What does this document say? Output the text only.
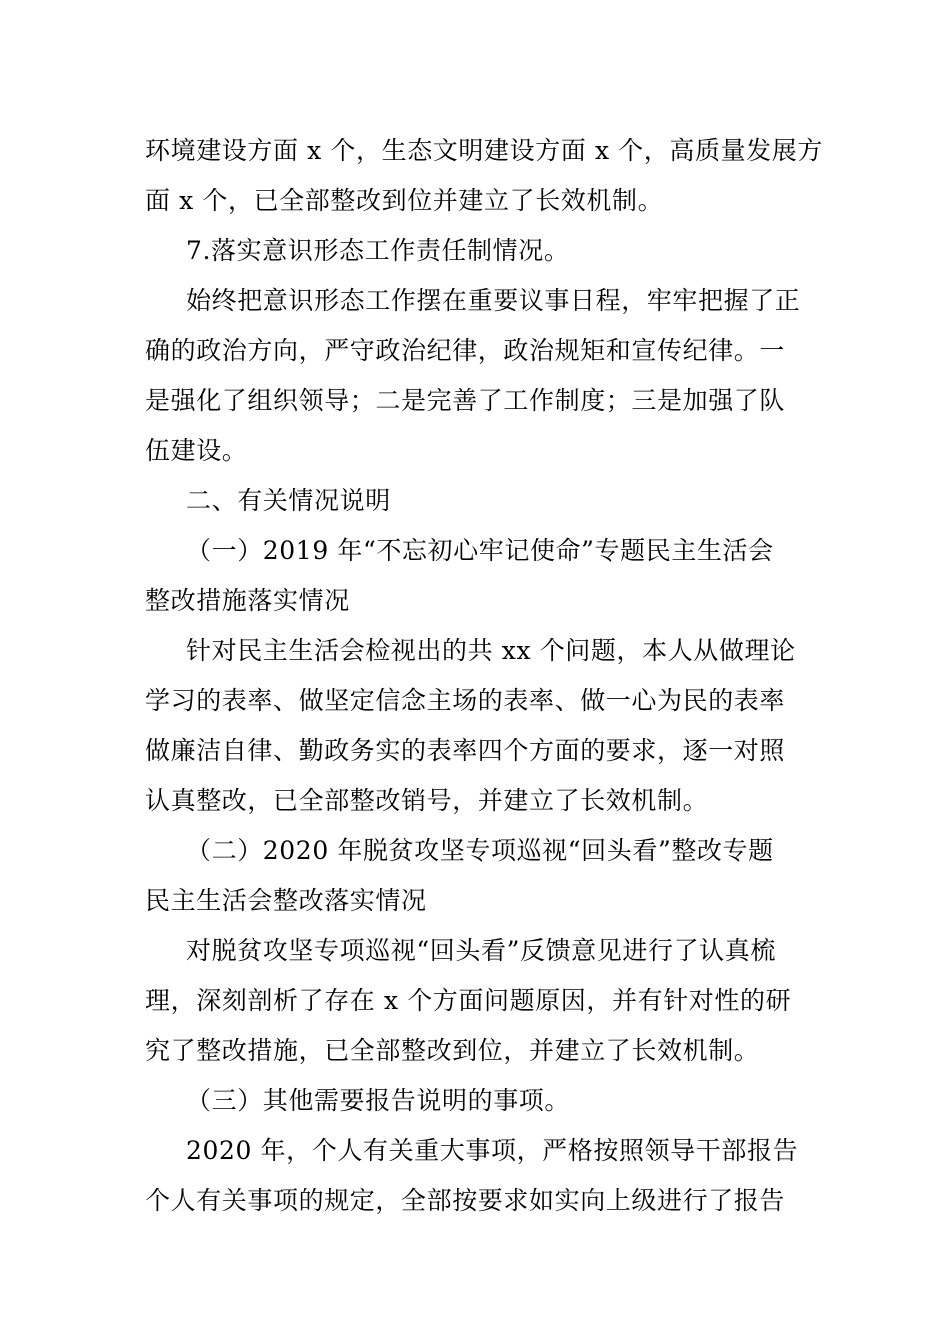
环境建设方面 x 个，生态文明建设方面 x 个，高质量发展方
面 x 个，已全部整改到位并建立了长效机制。
7.落实意识形态工作责任制情况。
始终把意识形态工作摆在重要议事日程，牢牢把握了正
确的政治方向，严守政治纪律，政治规矩和宣传纪律。一
是强化了组织领导；二是完善了工作制度；三是加强了队
伍建设。
二、有关情况说明
（一）2019 年“不忘初心牢记使命”专题民主生活会
整改措施落实情况
针对民主生活会检视出的共 xx 个问题，本人从做理论
学习的表率、做坚定信念主场的表率、做一心为民的表率
做廉洁自律、勤政务实的表率四个方面的要求，逐一对照
认真整改，已全部整改销号，并建立了长效机制。
（二）2020 年脱贫攻坚专项巡视“回头看”整改专题
民主生活会整改落实情况
对脱贫攻坚专项巡视“回头看”反馈意见进行了认真梳
理，深刻剖析了存在 x 个方面问题原因，并有针对性的研
究了整改措施，已全部整改到位，并建立了长效机制。
（三）其他需要报告说明的事项。
2020 年，个人有关重大事项，严格按照领导干部报告
个人有关事项的规定，全部按要求如实向上级进行了报告
